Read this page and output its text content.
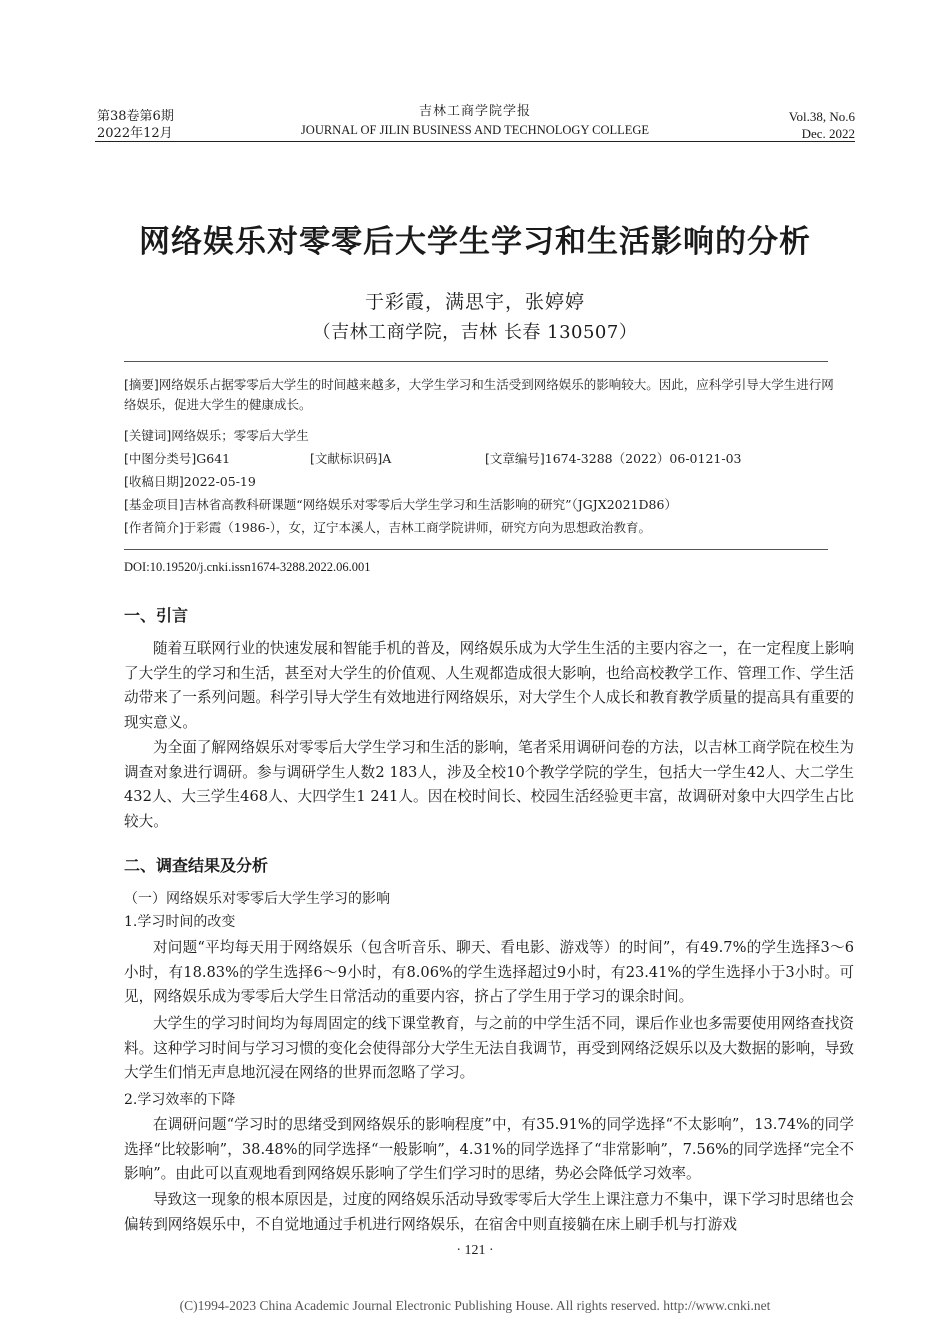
第38卷第6期
2022年12月
吉林工商学院学报
JOURNAL OF JILIN BUSINESS AND TECHNOLOGY COLLEGE
Vol.38, No.6
Dec. 2022
网络娱乐对零零后大学生学习和生活影响的分析
于彩霞，满思宇，张婷婷
（吉林工商学院，吉林 长春 130507）
[摘要]网络娱乐占据零零后大学生的时间越来越多，大学生学习和生活受到网络娱乐的影响较大。因此，应科学引导大学生进行网络娱乐，促进大学生的健康成长。
[关键词]网络娱乐；零零后大学生
[中图分类号]G641	[文献标识码]A	[文章编号]1674-3288（2022）06-0121-03
[收稿日期]2022-05-19
[基金项目]吉林省高教科研课题“网络娱乐对零零后大学生学习和生活影响的研究”（JGJX2021D86）
[作者简介]于彩霞（1986-），女，辽宁本溪人，吉林工商学院讲师，研究方向为思想政治教育。
DOI:10.19520/j.cnki.issn1674-3288.2022.06.001
一、引言
随着互联网行业的快速发展和智能手机的普及，网络娱乐成为大学生生活的主要内容之一，在一定程度上影响了大学生的学习和生活，甚至对大学生的价值观、人生观都造成很大影响，也给高校教学工作、管理工作、学生活动带来了一系列问题。科学引导大学生有效地进行网络娱乐，对大学生个人成长和教育教学质量的提高具有重要的现实意义。
为全面了解网络娱乐对零零后大学生学习和生活的影响，笔者采用调研问卷的方法，以吉林工商学院在校生为调查对象进行调研。参与调研学生人数2 183人，涉及全校10个教学学院的学生，包括大一学生42人、大二学生432人、大三学生468人、大四学生1 241人。因在校时间长、校园生活经验更丰富，故调研对象中大四学生占比较大。
二、调查结果及分析
（一）网络娱乐对零零后大学生学习的影响
1.学习时间的改变
对问题“平均每天用于网络娱乐（包含听音乐、聊天、看电影、游戏等）的时间”，有49.7%的学生选择3～6小时，有18.83%的学生选择6～9小时，有8.06%的学生选择超过9小时，有23.41%的学生选择小于3小时。可见，网络娱乐成为零零后大学生日常活动的重要内容，挤占了学生用于学习的课余时间。
大学生的学习时间均为每周固定的线下课堂教育，与之前的中学生活不同，课后作业也多需要使用网络查找资料。这种学习时间与学习习惯的变化会使得部分大学生无法自我调节，再受到网络泛娱乐以及大数据的影响，导致大学生们悄无声息地沉浸在网络的世界而忽略了学习。
2.学习效率的下降
在调研问题“学习时的思绪受到网络娱乐的影响程度”中，有35.91%的同学选择“不太影响”，13.74%的同学选择“比较影响”，38.48%的同学选择“一般影响”，4.31%的同学选择了“非常影响”，7.56%的同学选择“完全不影响”。由此可以直观地看到网络娱乐影响了学生们学习时的思绪，势必会降低学习效率。
导致这一现象的根本原因是，过度的网络娱乐活动导致零零后大学生上课注意力不集中，课下学习时思绪也会偏转到网络娱乐中，不自觉地通过手机进行网络娱乐，在宿舍中则直接躺在床上刷手机与打游戏
· 121 ·
(C)1994-2023 China Academic Journal Electronic Publishing House. All rights reserved. http://www.cnki.net
